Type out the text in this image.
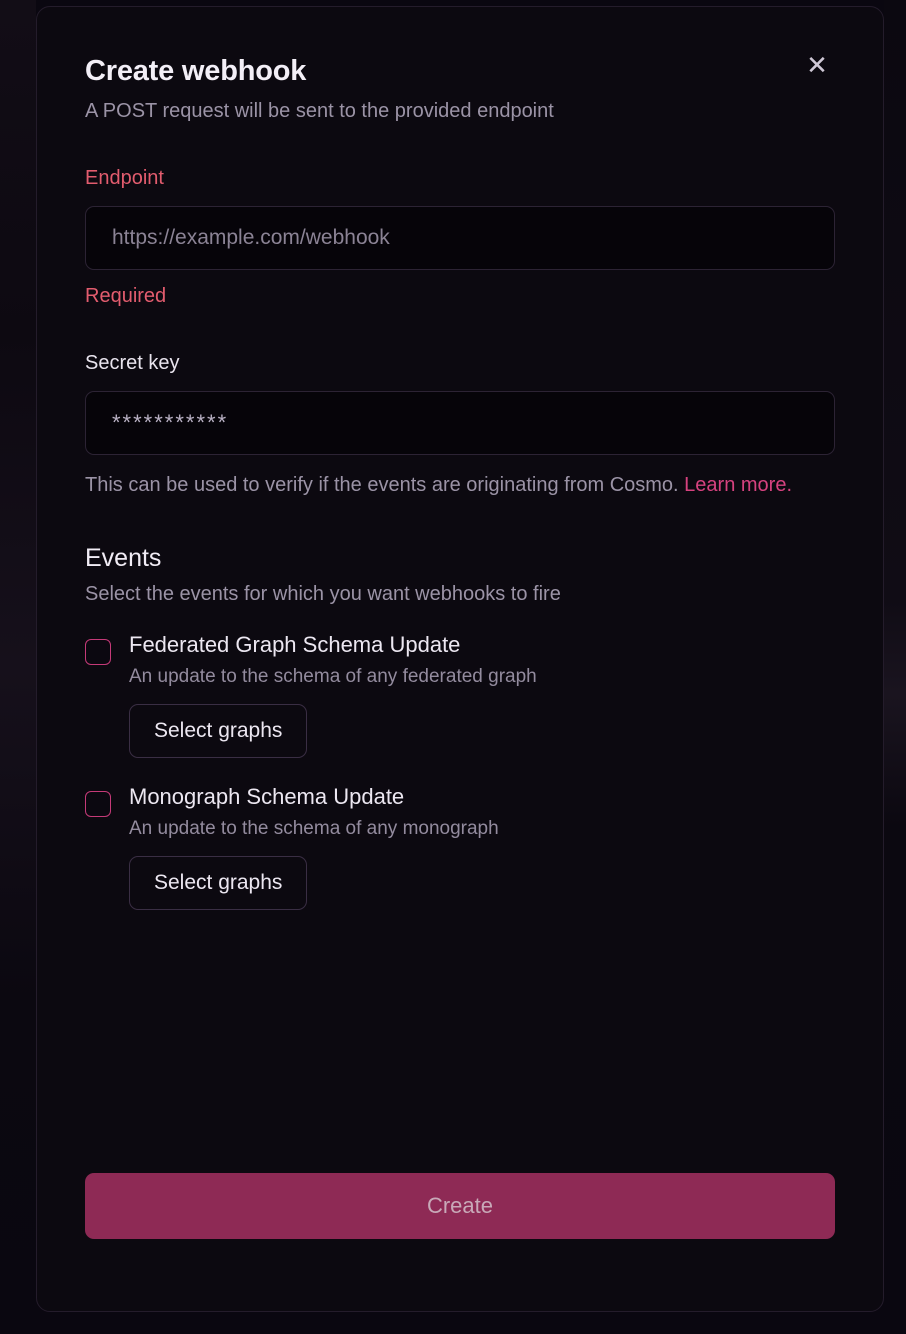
✕
Create webhook

A POST request will be sent to the provided endpoint

Endpoint
https://example.com/webhook
Required
Secret key
***********
This can be used to verify if the events are originating from Cosmo. Learn more.
Events

Select the events for which you want webhooks to fire

Federated Graph Schema Update
An update to the schema of any federated graph
Select graphs
Monograph Schema Update
An update to the schema of any monograph
Select graphs
Create
